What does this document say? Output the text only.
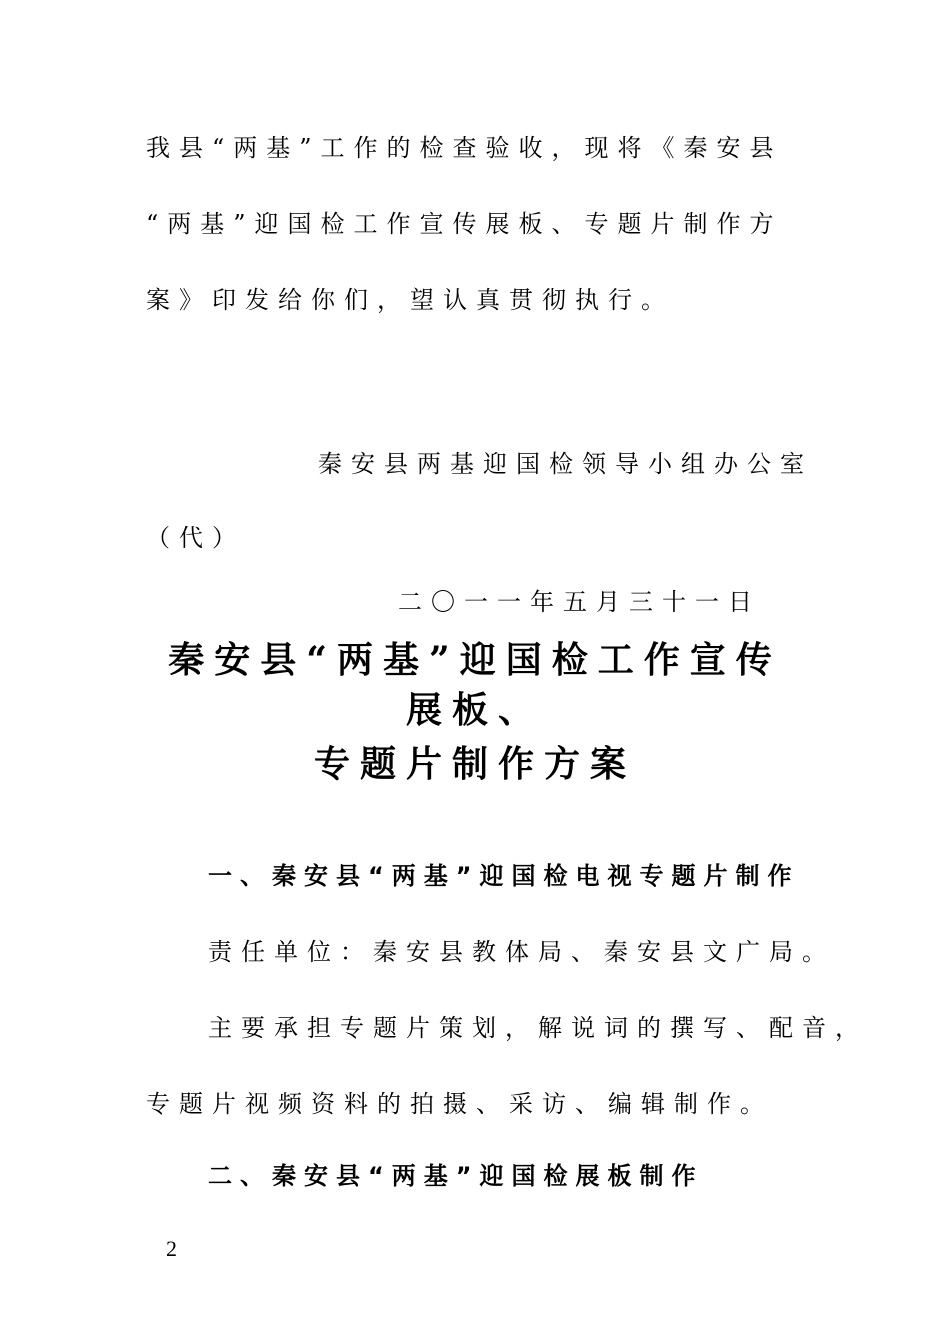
我县“两基”工作的检查验收，现将《秦安县

“两基”迎国检工作宣传展板、专题片制作方

案》印发给你们，望认真贯彻执行。

秦安县两基迎国检领导小组办公室

（代）

二〇一一年五月三十一日

秦安县“两基”迎国检工作宣传
展板、
专题片制作方案
一、秦安县“两基”迎国检电视专题片制作

责任单位：秦安县教体局、秦安县文广局。

主要承担专题片策划，解说词的撰写、配音，

专题片视频资料的拍摄、采访、编辑制作。

二、秦安县“两基”迎国检展板制作
2
